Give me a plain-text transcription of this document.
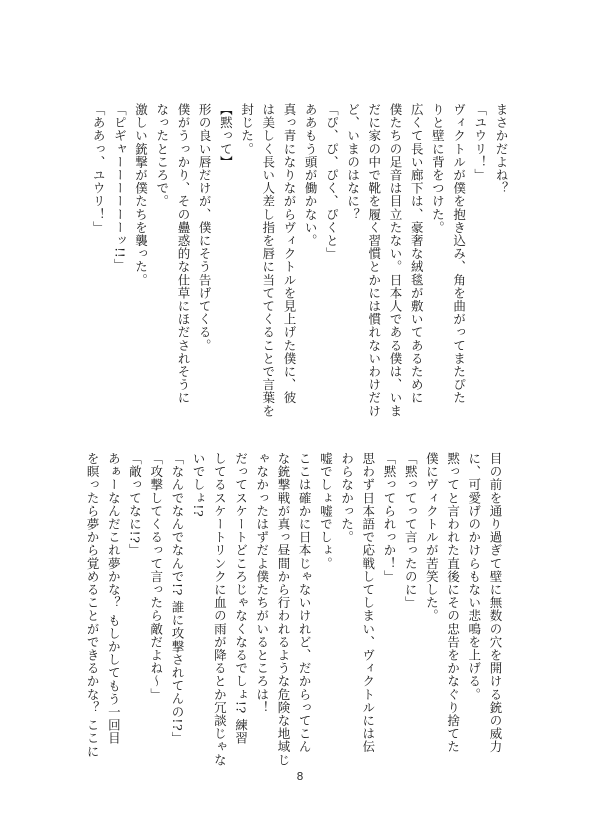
まさかだよね？
「ユウリ！」
ヴィクトルが僕を抱き込み、角を曲がってまたぴた
りと壁に背をつけた。
広くて長い廊下は、豪奢な絨毯が敷いてあるために
僕たちの足音は目立たない。日本人である僕は、いま
だに家の中で靴を履く習慣とかには慣れないわけだけ
ど、いまのはなに？
「ぴ、ぴ、ぴく、ぴくと」
ああもう頭が働かない。
真っ青になりながらヴィクトルを見上げた僕に、彼
は美しく長い人差し指を唇に当ててくることで言葉を
封じた。
【黙って】
形の良い唇だけが、僕にそう告げてくる。
僕がうっかり、その蠱惑的な仕草にほだされそうに
なったところで。
激しい銃撃が僕たちを襲った。
「ピギャーーーーーーッ!!」
「ああっ、ユウリ！」
目の前を通り過ぎて壁に無数の穴を開ける銃の威力
に、可愛げのかけらもない悲鳴を上げる。
黙ってと言われた直後にその忠告をかなぐり捨てた
僕にヴィクトルが苦笑した。
「黙ってって言ったのに」
「黙ってられっか！」
思わず日本語で応戦してしまい、ヴィクトルには伝
わらなかった。
嘘でしょ嘘でしょ。
ここは確かに日本じゃないけれど、だからってこん
な銃撃戦が真っ昼間から行われるような危険な地域じ
ゃなかったはずだよ僕たちがいるところは！
だってスケートどころじゃなくなるでしょ!? 練習
してるスケートリンクに血の雨が降るとか冗談じゃな
いでしょ!?
「なんでなんでなんで!? 誰に攻撃されてんの!?」
「攻撃してくるって言ったら敵だよね～」
「敵ってなに!?」
あぁーなんだこれ夢かな？ もしかしてもう一回目
を瞑ったら夢から覚めることができるかな？ ここに
8
